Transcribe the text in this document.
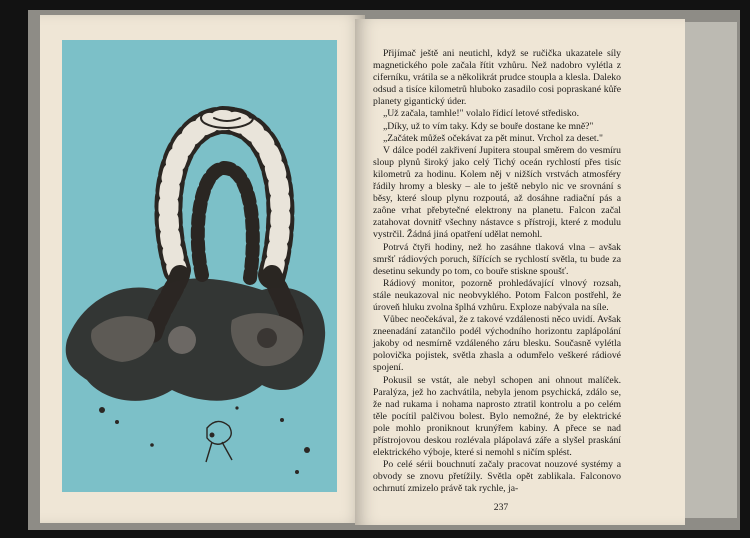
Přijímač ještě ani neutichl, když se ručička ukazatele síly magnetického pole začala řítit vzhůru. Než nadobro vylétla z ciferníku, vrátila se a několikrát prudce stoupla a klesla. Daleko odsud a tisíce kilometrů hluboko zasadilo cosi popraskané kůře planety gigantický úder.

„Už začala, tamhle!" volalo řídicí letové středisko.

„Díky, už to vím taky. Kdy se bouře dostane ke mně?"

„Začátek můžeš očekávat za pět minut. Vrchol za deset."

V dálce podél zakřivení Jupitera stoupal směrem do vesmíru sloup plynů široký jako celý Tichý oceán rychlostí přes tisíc kilometrů za hodinu. Kolem něj v nižších vrstvách atmosféry řádily hromy a blesky – ale to ještě nebylo nic ve srovnání s běsy, které sloup plynu rozpoutá, až dosáhne radiační pás a zaône vrhat přebytečné elektrony na planetu. Falcon začal zatahovat dovnitř všechny nástavce s přístroji, které z modulu vystrčil. Žádná jiná opatření udělat nemohl.

Potrvá čtyři hodiny, než ho zasáhne tlaková vlna – avšak smršť rádiových poruch, šířících se rychlostí světla, tu bude za desetinu sekundy po tom, co bouře stiskne spoušť.

Rádiový monitor, pozorně prohledávající vlnový rozsah, stále neukazoval nic neobvyklého. Potom Falcon postřehl, že úroveň hluku zvolna šplhá vzhůru. Exploze nabývala na síle.

Vůbec neočekával, že z takové vzdálenosti něco uvidí. Avšak zneenadání zatančilo podél východního horizontu zaplápolání jakoby od nesmírně vzdáleného záru blesku. Současně vylétla polovička pojistek, světla zhasla a odumřelo veškeré rádiové spojení.

Pokusil se vstát, ale nebyl schopen ani ohnout malíček. Paralýza, jež ho zachvátila, nebyla jenom psychická, zdálo se, že nad rukama i nohama naprosto ztratil kontrolu a po celém těle pocítil palčivou bolest. Bylo nemožné, že by elektrické pole mohlo proniknout krunýřem kabiny. A přece se nad přístrojovou deskou rozlévala plápolavá záře a slyšel praskání elektrického výboje, které si nemohl s ničím splést.

Po celé sérii bouchnutí začaly pracovat nouzové systémy a obvody se znovu přetížily. Světla opět zablikala. Falconovo ochrnutí zmizelo právě tak rychle, ja-

237
